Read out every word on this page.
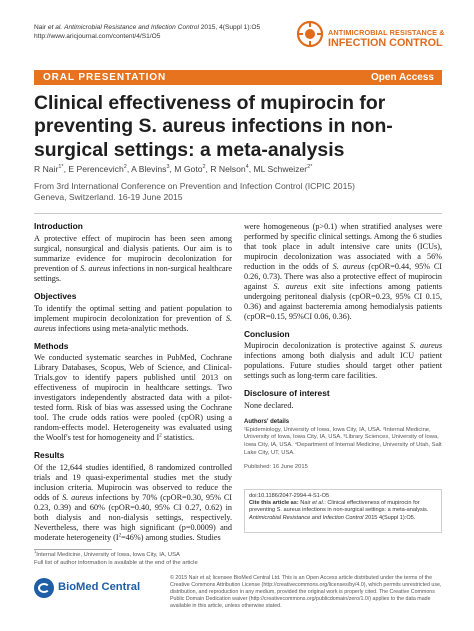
Nair et al. Antimicrobial Resistance and Infection Control 2015, 4(Suppl 1):O5
http://www.aricjournal.com/content/4/S1/O5	ANTIMICROBIAL RESISTANCE &
INFECTION CONTROL
ORAL PRESENTATION	Open Access
Clinical effectiveness of mupirocin for preventing S. aureus infections in non-surgical settings: a meta-analysis
R Nair$^{1*}$, E Perencevich$^2$, A Blevins$^3$, M Goto$^2$, R Nelson$^4$, ML Schweizer$^{2*}$
From 3rd International Conference on Prevention and Infection Control (ICPIC 2015)
Geneva, Switzerland. 16-19 June 2015
Introduction

A protective effect of mupirocin has been seen among surgical, nonsurgical and dialysis patients. Our aim is to summarize evidence for mupirocin decolonization for prevention of S. aureus infections in non-surgical healthcare settings.

Objectives

To identify the optimal setting and patient population to implement mupirocin decolonization for prevention of S. aureus infections using meta-analytic methods.

Methods

We conducted systematic searches in PubMed, Cochrane Library Databases, Scopus, Web of Science, and Clinical-Trials.gov to identify papers published until 2013 on effectiveness of mupirocin in healthcare settings. Two investigators independently abstracted data with a pilot-tested form. Risk of bias was assessed using the Cochrane tool. The crude odds ratios were pooled (cpOR) using a random-effects model. Heterogeneity was evaluated using the Woolf's test for homogeneity and $I^2$ statistics.

Results

Of the 12,644 studies identified, 8 randomized controlled trials and 19 quasi-experimental studies met the study inclusion criteria. Mupirocin was observed to reduce the odds of S. aureus infections by 70% (cpOR=0.30, 95% CI 0.23, 0.39) and 60% (cpOR=0.40, 95% CI 0.27, 0.62) in both dialysis and non-dialysis settings, respectively. Nevertheless, there was high significant (p=0.0009) and moderate heterogeneity $(I^2=46\%)$ among studies. Studies

were homogeneous (p>0.1) when stratified analyses were performed by specific clinical settings. Among the 6 studies that took place in adult intensive care units (ICUs), mupirocin decolonization was associated with a 56% reduction in the odds of S. aureus (cpOR=0.44, 95% CI 0.26, 0.73). There was also a protective effect of mupirocin against S. aureus exit site infections among patients undergoing peritoneal dialysis (cpOR=0.23, 95% CI 0.15, 0.36) and against bacteremia among hemodialysis patients (cpOR=0.15, 95%CI 0.06, 0.36).

Conclusion

Mupirocin decolonization is protective against S. aureus infections among both dialysis and adult ICU patient populations. Future studies should target other patient settings such as long-term care facilities.

Disclosure of interest

None declared.

Authors' details
¹Epidemiology, University of Iowa, Iowa City, IA, USA. ²Internal Medicine, University of Iowa, Iowa City, IA, USA. ³Library Sciences, University of Iowa, Iowa City, IA, USA. ⁴Department of Internal Medicine, University of Utah, Salt Lake City, UT, USA.
Published: 16 June 2015
doi:10.1186/2047-2994-4-S1-O5
Cite this article as: Nair et al.: Clinical effectiveness of mupirocin for preventing S. aureus infections in non-surgical settings: a meta-analysis. Antimicrobial Resistance and Infection Control 2015 4(Suppl 1):O5.
$^1$Internal Medicine, University of Iowa, Iowa City, IA, USA
Full list of author information is available at the end of the article
BioMed Central
© 2015 Nair et al; licensee BioMed Central Ltd. This is an Open Access article distributed under the terms of the Creative Commons Attribution License (http://creativecommons.org/licenses/by/4.0), which permits unrestricted use, distribution, and reproduction in any medium, provided the original work is properly cited. The Creative Commons Public Domain Dedication waiver (http://creativecommons.org/publicdomain/zero/1.0/) applies to the data made available in this article, unless otherwise stated.
